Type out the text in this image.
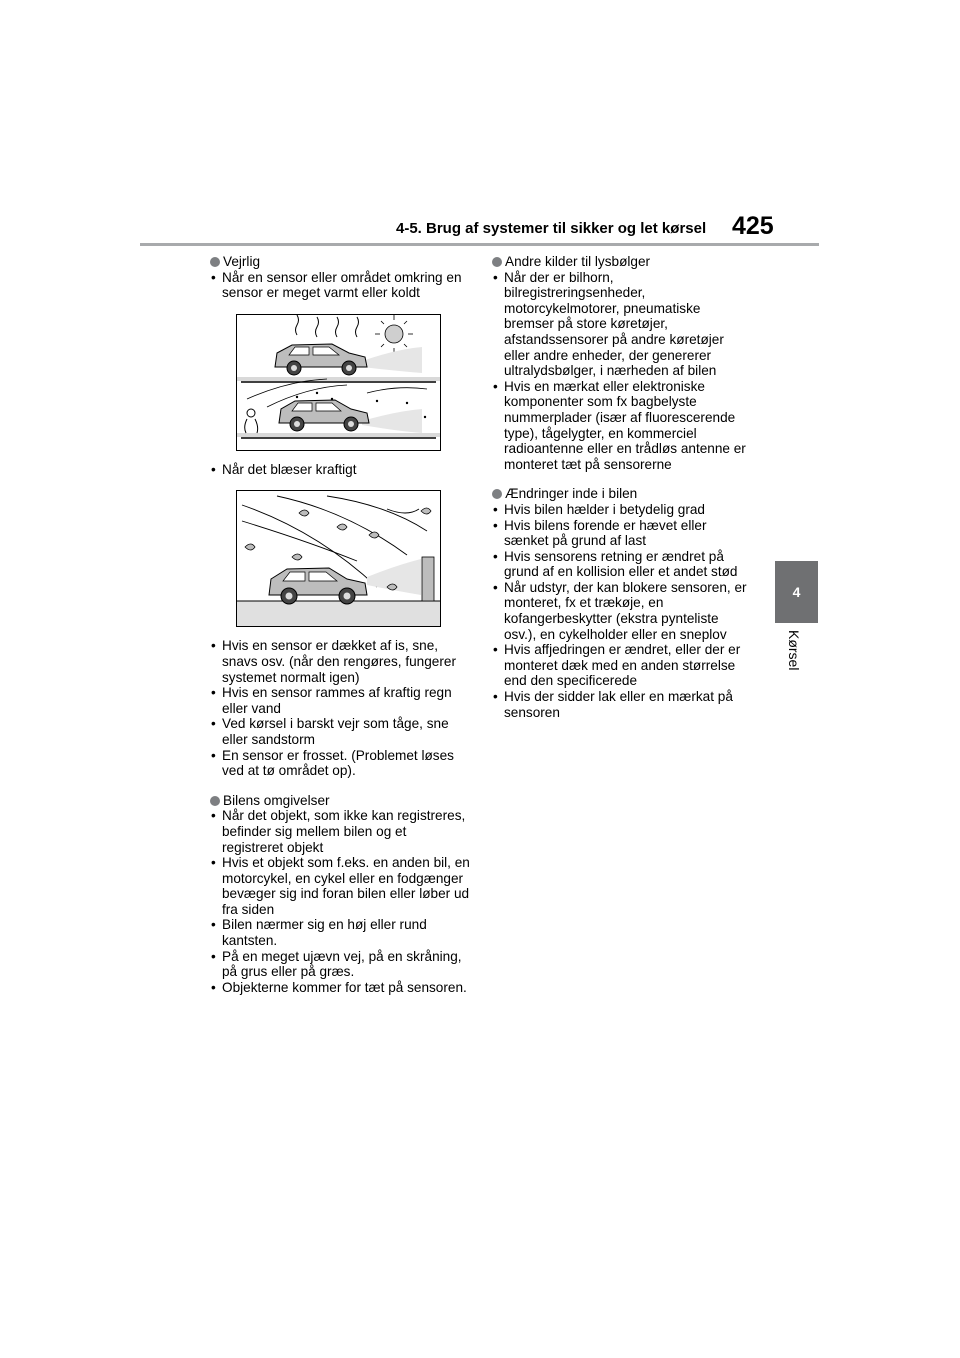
4-5. Brug af systemer til sikker og let kørsel 425
4
Kørsel
Vejrlig
• Når en sensor eller området omkring en sensor er meget varmt eller koldt
• Når det blæser kraftigt
• Hvis en sensor er dækket af is, sne, snavs osv. (når den rengøres, fungerer systemet normalt igen)
• Hvis en sensor rammes af kraftig regn eller vand
• Ved kørsel i barskt vejr som tåge, sne eller sandstorm
• En sensor er frosset. (Problemet løses ved at tø området op).
Bilens omgivelser
• Når det objekt, som ikke kan registreres, befinder sig mellem bilen og et registreret objekt
• Hvis et objekt som f.eks. en anden bil, en motorcykel, en cykel eller en fodgænger bevæger sig ind foran bilen eller løber ud fra siden
• Bilen nærmer sig en høj eller rund kantsten.
• På en meget ujævn vej, på en skråning, på grus eller på græs.
• Objekterne kommer for tæt på sensoren.
Andre kilder til lysbølger
• Når der er bilhorn, bilregistreringsenheder, motorcykelmotorer, pneumatiske bremser på store køretøjer, afstandssensorer på andre køretøjer eller andre enheder, der genererer ultralydsbølger, i nærheden af bilen
• Hvis en mærkat eller elektroniske komponenter som fx bagbelyste nummerplader (især af fluorescerende type), tågelygter, en kommerciel radioantenne eller en trådløs antenne er monteret tæt på sensorerne
Ændringer inde i bilen
• Hvis bilen hælder i betydelig grad
• Hvis bilens forende er hævet eller sænket på grund af last
• Hvis sensorens retning er ændret på grund af en kollision eller et andet stød
• Når udstyr, der kan blokere sensoren, er monteret, fx et trækøje, en kofangerbeskytter (ekstra pynteliste osv.), en cykelholder eller en sneplov
• Hvis affjedringen er ændret, eller der er monteret dæk med en anden størrelse end den specificerede
• Hvis der sidder lak eller en mærkat på sensoren
